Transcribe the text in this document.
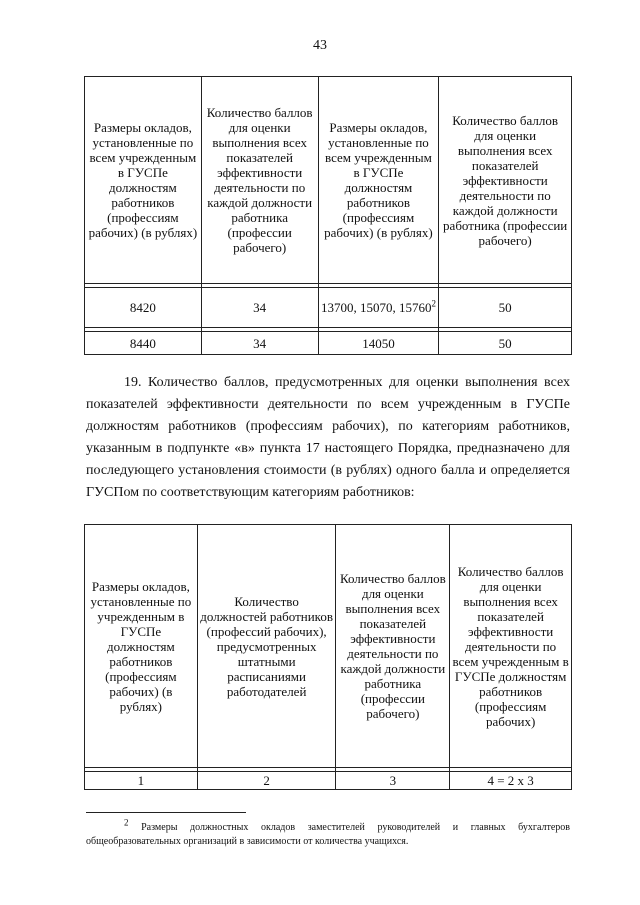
43
Размеры окладов, установленные по всем учрежденным в ГУСПе должностям работников (профессиям рабочих) (в рублях)	Количество баллов для оценки выполнения всех показателей эффективности деятельности по каждой должности работника (профессии рабочего)	Размеры окладов, установленные по всем учрежденным в ГУСПе должностям работников (профессиям рабочих) (в рублях)	Количество баллов для оценки выполнения всех показателей эффективности деятельности по каждой должности работника (профессии рабочего)

8420	34	13700, 15070, 15760$^2$	50

8440	34	14050	50
19. Количество баллов, предусмотренных для оценки выполнения всех показателей эффективности деятельности по всем учрежденным в ГУСПе должностям работников (профессиям рабочих), по категориям работников, указанным в подпункте «в» пункта 17 настоящего Порядка, предназначено для последующего установления стоимости (в рублях) одного балла и определяется ГУСПом по соответствующим категориям работников:
Размеры окладов, установленные по учрежденным в ГУСПе должностям работников (профессиям рабочих) (в рублях)	Количество должностей работников (профессий рабочих), предусмотренных штатными расписаниями работодателей	Количество баллов для оценки выполнения всех показателей эффективности деятельности по каждой должности работника (профессии рабочего)	Количество баллов для оценки выполнения всех показателей эффективности деятельности по всем учрежденным в ГУСПе должностям работников (профессиям рабочих)

1	2	3	4 = 2 x 3
$^2$ Размеры должностных окладов заместителей руководителей и главных бухгалтеров общеобразовательных организаций в зависимости от количества учащихся.
